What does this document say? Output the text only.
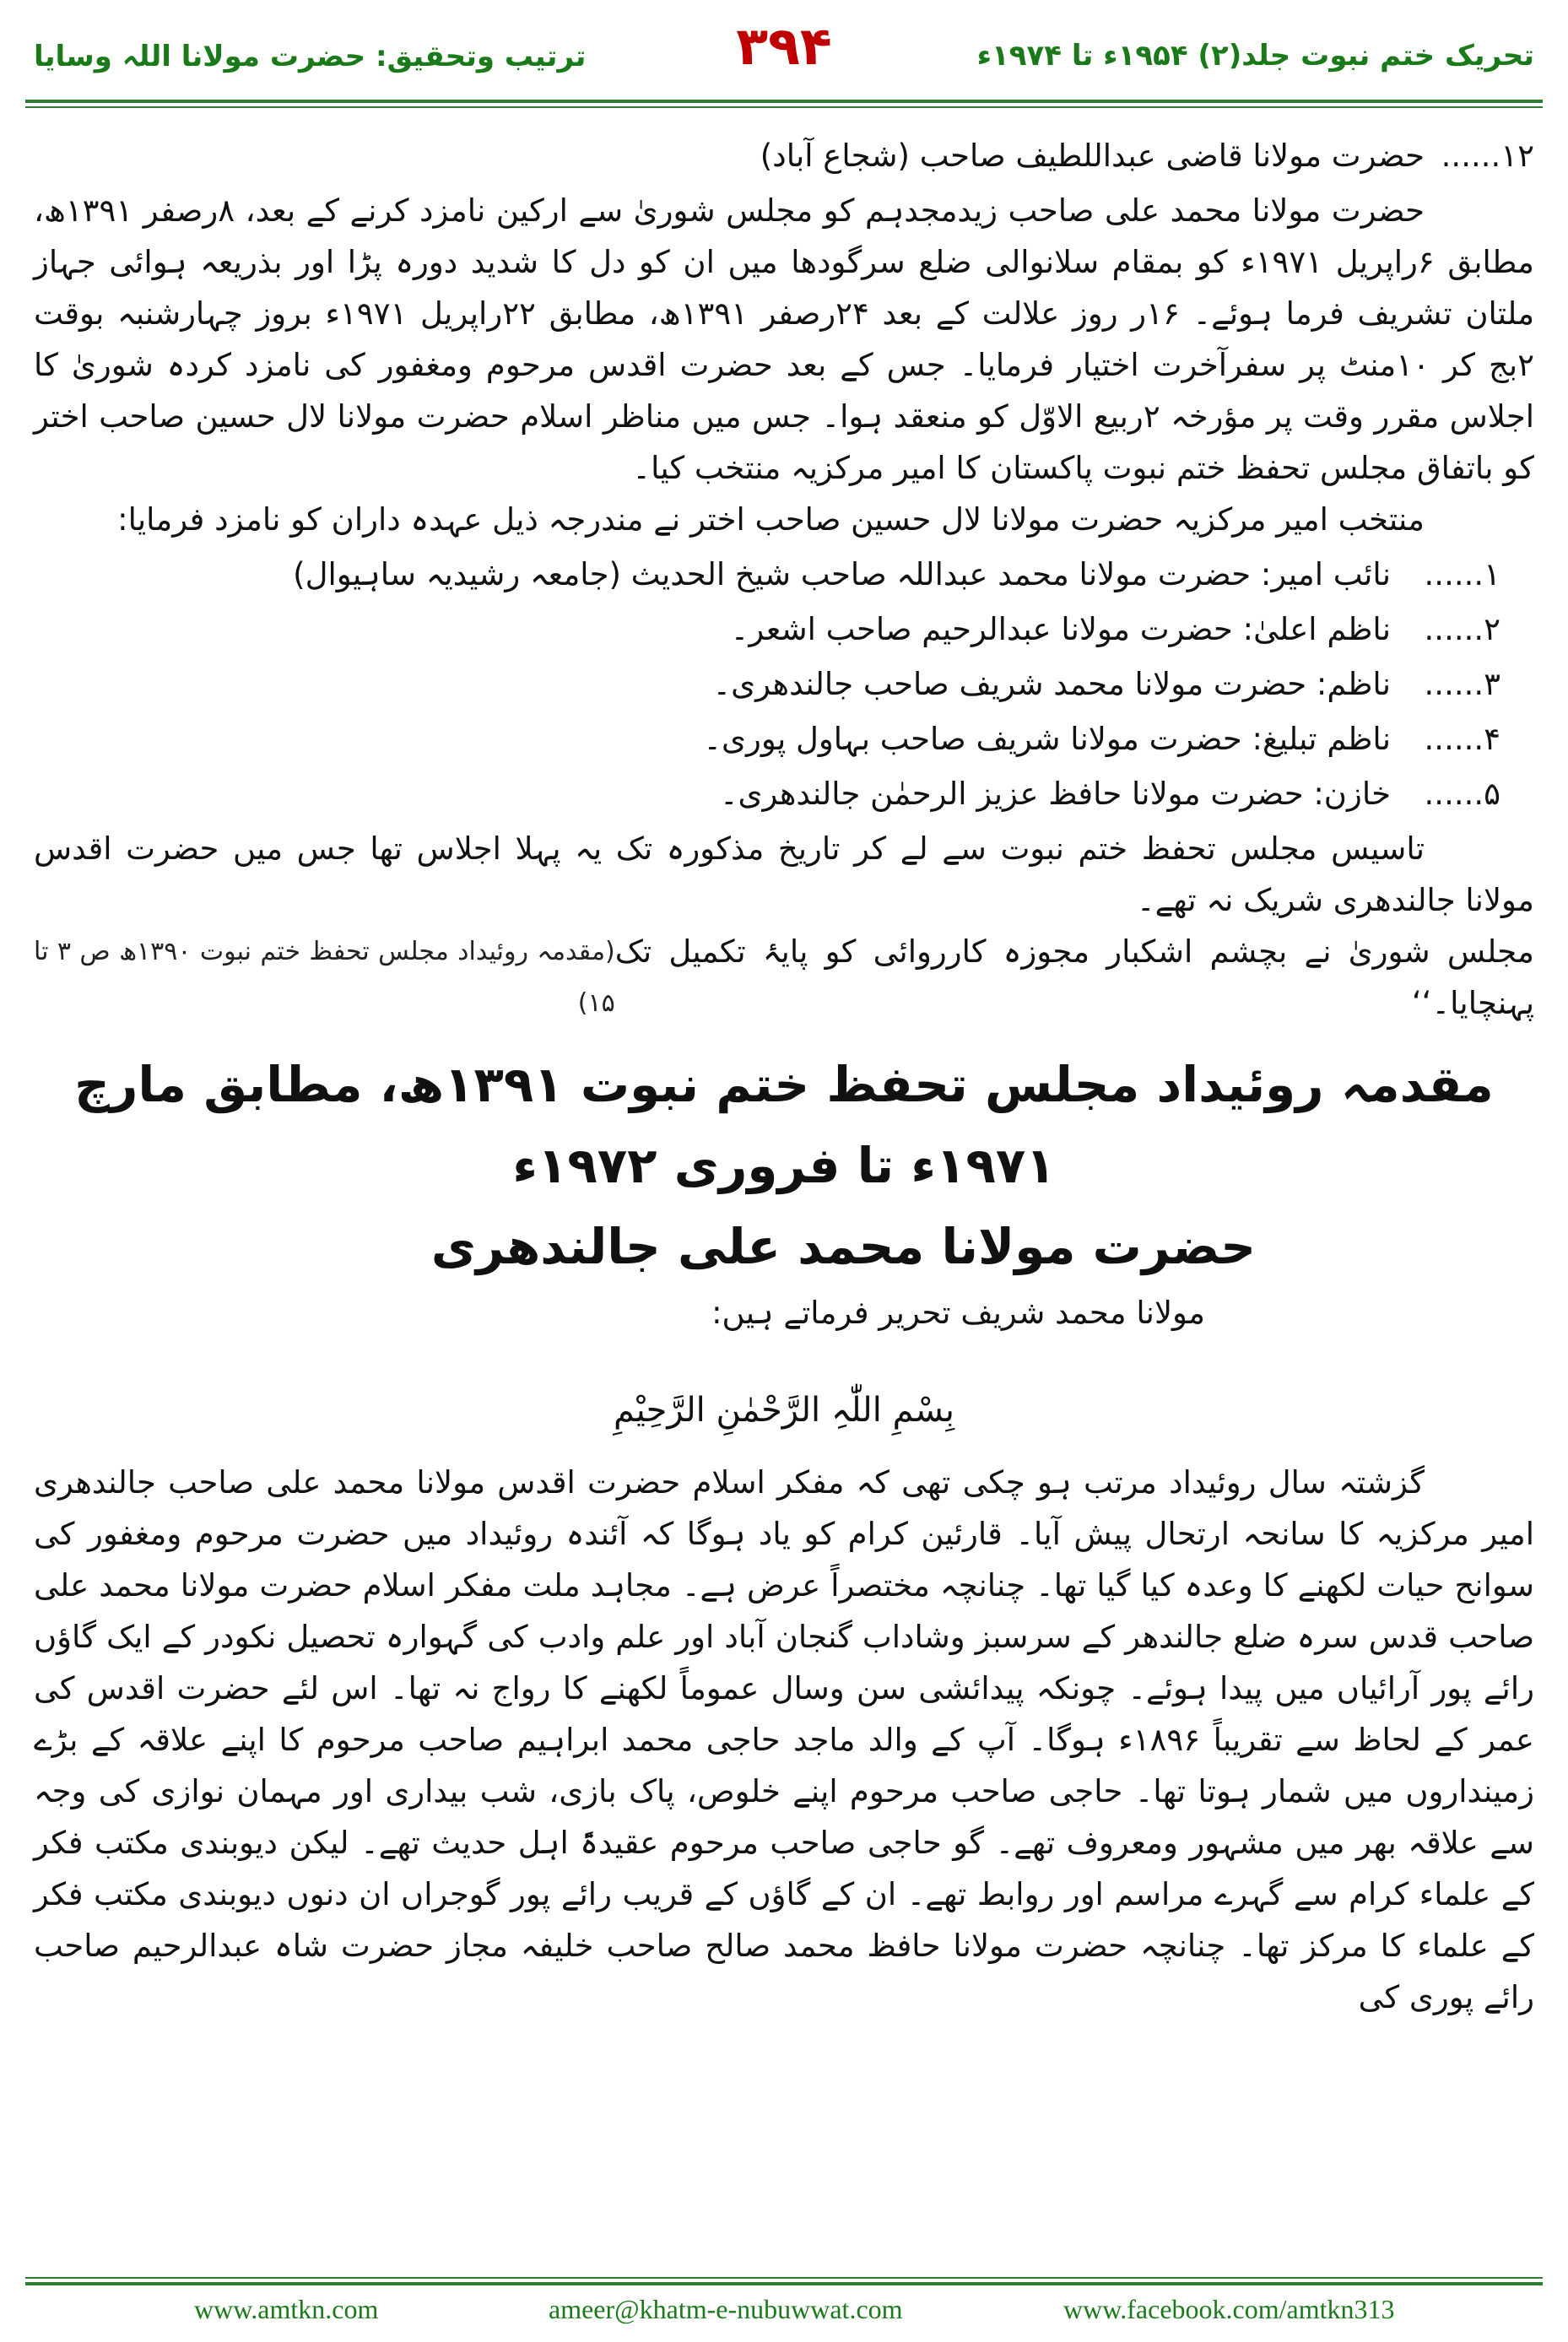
تحریک ختم نبوت جلد(۲) ۱۹۵۴ء تا ۱۹۷۴ء
۳۹۴
ترتیب وتحقیق: حضرت مولانا اللہ وسایا
۱۲......
حضرت مولانا قاضی عبداللطیف صاحب (شجاع آباد)

حضرت مولانا محمد علی صاحب زیدمجدہم کو مجلس شوریٰ سے ارکین نامزد کرنے کے بعد، ۸رصفر ۱۳۹۱ھ، مطابق ۶راپریل ۱۹۷۱ء کو بمقام سلانوالی ضلع سرگودھا میں ان کو دل کا شدید دورہ پڑا اور بذریعہ ہوائی جہاز ملتان تشریف فرما ہوئے۔ ۱۶ر روز علالت کے بعد ۲۴رصفر ۱۳۹۱ھ، مطابق ۲۲راپریل ۱۹۷۱ء بروز چہارشنبہ بوقت ۲بج کر ۱۰منٹ پر سفرآخرت اختیار فرمایا۔ جس کے بعد حضرت اقدس مرحوم ومغفور کی نامزد کردہ شوریٰ کا اجلاس مقرر وقت پر مؤرخہ ۲ربیع الاوّل کو منعقد ہوا۔ جس میں مناظر اسلام حضرت مولانا لال حسین صاحب اختر کو باتفاق مجلس تحفظ ختم نبوت پاکستان کا امیر مرکزیہ منتخب کیا۔

منتخب امیر مرکزیہ حضرت مولانا لال حسین صاحب اختر نے مندرجہ ذیل عہدہ داران کو نامزد فرمایا:

۱......
نائب امیر: حضرت مولانا محمد عبداللہ صاحب شیخ الحدیث (جامعہ رشیدیہ ساہیوال)
۲......
ناظم اعلیٰ: حضرت مولانا عبدالرحیم صاحب اشعر۔
۳......
ناظم: حضرت مولانا محمد شریف صاحب جالندھری۔
۴......
ناظم تبلیغ: حضرت مولانا شریف صاحب بہاول پوری۔
۵......
خازن: حضرت مولانا حافظ عزیز الرحمٰن جالندھری۔

تاسیس مجلس تحفظ ختم نبوت سے لے کر تاریخ مذکورہ تک یہ پہلا اجلاس تھا جس میں حضرت اقدس مولانا جالندھری شریک نہ تھے۔

مجلس شوریٰ نے بچشم اشکبار مجوزہ کارروائی کو پایۂ تکمیل تک پہنچایا۔‘‘
(مقدمہ روئیداد مجلس تحفظ ختم نبوت ۱۳۹۰ھ ص ۳ تا ۱۵)
مقدمہ روئیداد مجلس تحفظ ختم نبوت ۱۳۹۱ھ، مطابق مارچ ۱۹۷۱ء تا فروری ۱۹۷۲ء
حضرت مولانا محمد علی جالندھری
مولانا محمد شریف تحریر فرماتے ہیں:
بِسْمِ اللّٰہِ الرَّحْمٰنِ الرَّحِیْمِ

گزشتہ سال روئیداد مرتب ہو چکی تھی کہ مفکر اسلام حضرت اقدس مولانا محمد علی صاحب جالندھری امیر مرکزیہ کا سانحہ ارتحال پیش آیا۔ قارئین کرام کو یاد ہوگا کہ آئندہ روئیداد میں حضرت مرحوم ومغفور کی سوانح حیات لکھنے کا وعدہ کیا گیا تھا۔ چنانچہ مختصراً عرض ہے۔ مجاہد ملت مفکر اسلام حضرت مولانا محمد علی صاحب قدس سرہ ضلع جالندھر کے سرسبز وشاداب گنجان آباد اور علم وادب کی گہوارہ تحصیل نکودر کے ایک گاؤں رائے پور آرائیاں میں پیدا ہوئے۔ چونکہ پیدائشی سن وسال عموماً لکھنے کا رواج نہ تھا۔ اس لئے حضرت اقدس کی عمر کے لحاظ سے تقریباً ۱۸۹۶ء ہوگا۔ آپ کے والد ماجد حاجی محمد ابراہیم صاحب مرحوم کا اپنے علاقہ کے بڑے زمینداروں میں شمار ہوتا تھا۔ حاجی صاحب مرحوم اپنے خلوص، پاک بازی، شب بیداری اور مہمان نوازی کی وجہ سے علاقہ بھر میں مشہور ومعروف تھے۔ گو حاجی صاحب مرحوم عقیدۃً اہل حدیث تھے۔ لیکن دیوبندی مکتب فکر کے علماء کرام سے گہرے مراسم اور روابط تھے۔ ان کے گاؤں کے قریب رائے پور گوجراں ان دنوں دیوبندی مکتب فکر کے علماء کا مرکز تھا۔ چنانچہ حضرت مولانا حافظ محمد صالح صاحب خلیفہ مجاز حضرت شاہ عبدالرحیم صاحب رائے پوری کی

www.amtkn.com	ameer@khatm-e-nubuwwat.com	www.facebook.com/amtkn313
